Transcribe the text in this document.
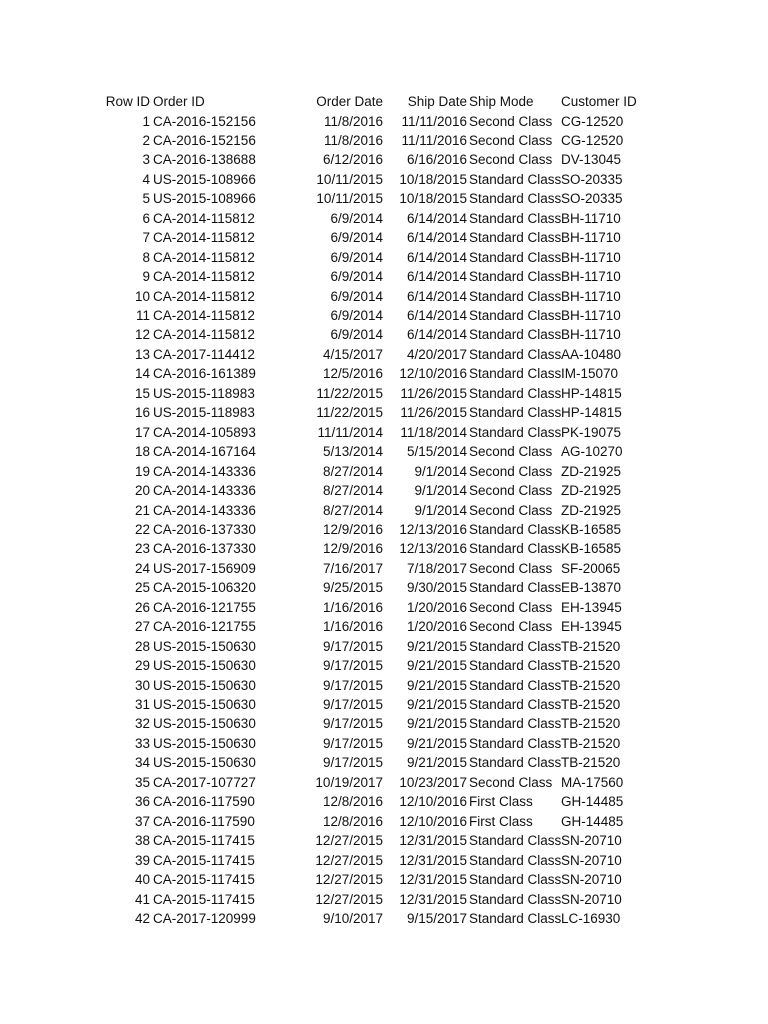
Row ID Order ID	Order Date	Ship Date Ship Mode Customer ID
1 CA-2016-152156	11/8/2016 11/11/2016 Second Class CG-12520
2 CA-2016-152156	11/8/2016 11/11/2016 Second Class CG-12520
3 CA-2016-138688	6/12/2016 6/16/2016 Second Class DV-13045
4 US-2015-108966	10/11/2015 10/18/2015 Standard Class SO-20335
5 US-2015-108966	10/11/2015 10/18/2015 Standard Class SO-20335
6 CA-2014-115812	6/9/2014 6/14/2014 Standard Class BH-11710
7 CA-2014-115812	6/9/2014 6/14/2014 Standard Class BH-11710
8 CA-2014-115812	6/9/2014 6/14/2014 Standard Class BH-11710
9 CA-2014-115812	6/9/2014 6/14/2014 Standard Class BH-11710
10 CA-2014-115812	6/9/2014 6/14/2014 Standard Class BH-11710
11 CA-2014-115812	6/9/2014 6/14/2014 Standard Class BH-11710
12 CA-2014-115812	6/9/2014 6/14/2014 Standard Class BH-11710
13 CA-2017-114412	4/15/2017 4/20/2017 Standard Class AA-10480
14 CA-2016-161389	12/5/2016 12/10/2016 Standard Class IM-15070
15 US-2015-118983	11/22/2015 11/26/2015 Standard Class HP-14815
16 US-2015-118983	11/22/2015 11/26/2015 Standard Class HP-14815
17 CA-2014-105893	11/11/2014 11/18/2014 Standard Class PK-19075
18 CA-2014-167164	5/13/2014 5/15/2014 Second Class AG-10270
19 CA-2014-143336	8/27/2014 9/1/2014 Second Class ZD-21925
20 CA-2014-143336	8/27/2014 9/1/2014 Second Class ZD-21925
21 CA-2014-143336	8/27/2014 9/1/2014 Second Class ZD-21925
22 CA-2016-137330	12/9/2016 12/13/2016 Standard Class KB-16585
23 CA-2016-137330	12/9/2016 12/13/2016 Standard Class KB-16585
24 US-2017-156909	7/16/2017 7/18/2017 Second Class SF-20065
25 CA-2015-106320	9/25/2015 9/30/2015 Standard Class EB-13870
26 CA-2016-121755	1/16/2016 1/20/2016 Second Class EH-13945
27 CA-2016-121755	1/16/2016 1/20/2016 Second Class EH-13945
28 US-2015-150630	9/17/2015 9/21/2015 Standard Class TB-21520
29 US-2015-150630	9/17/2015 9/21/2015 Standard Class TB-21520
30 US-2015-150630	9/17/2015 9/21/2015 Standard Class TB-21520
31 US-2015-150630	9/17/2015 9/21/2015 Standard Class TB-21520
32 US-2015-150630	9/17/2015 9/21/2015 Standard Class TB-21520
33 US-2015-150630	9/17/2015 9/21/2015 Standard Class TB-21520
34 US-2015-150630	9/17/2015 9/21/2015 Standard Class TB-21520
35 CA-2017-107727	10/19/2017 10/23/2017 Second Class MA-17560
36 CA-2016-117590	12/8/2016 12/10/2016 First Class GH-14485
37 CA-2016-117590	12/8/2016 12/10/2016 First Class GH-14485
38 CA-2015-117415	12/27/2015 12/31/2015 Standard Class SN-20710
39 CA-2015-117415	12/27/2015 12/31/2015 Standard Class SN-20710
40 CA-2015-117415	12/27/2015 12/31/2015 Standard Class SN-20710
41 CA-2015-117415	12/27/2015 12/31/2015 Standard Class SN-20710
42 CA-2017-120999	9/10/2017 9/15/2017 Standard Class LC-16930
